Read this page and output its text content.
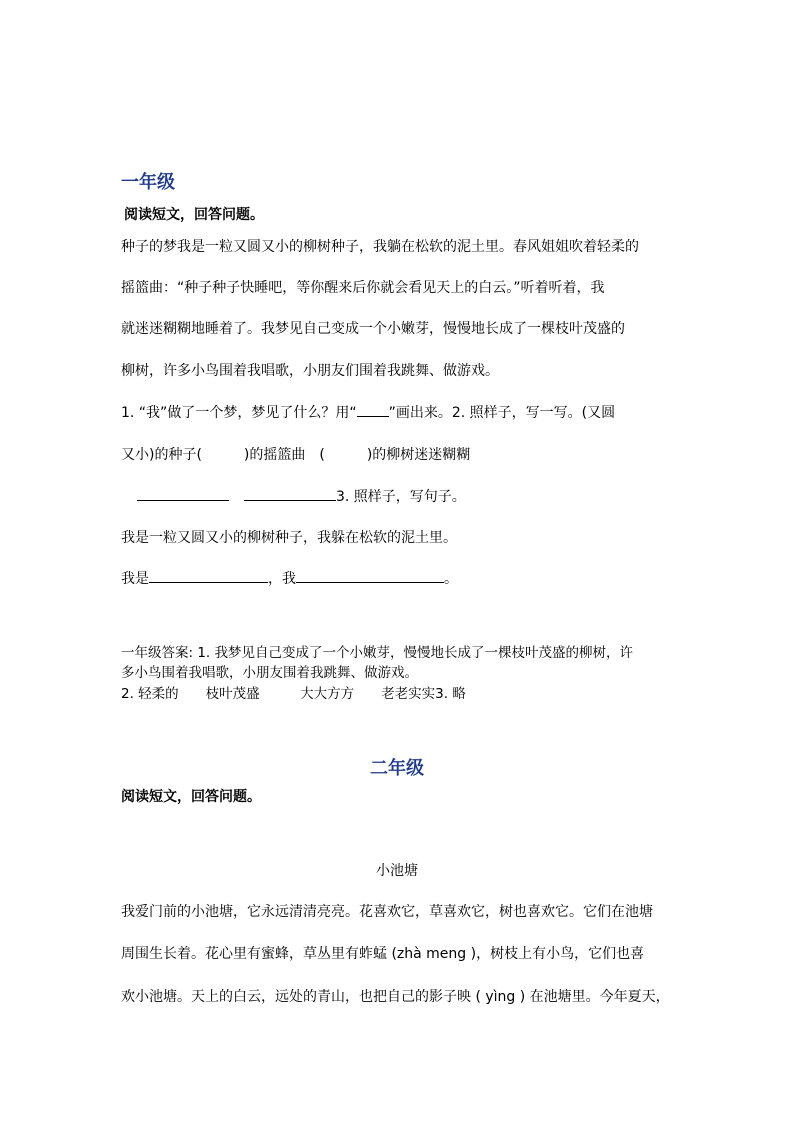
一年级
阅读短文，回答问题。
种子的梦我是一粒又圆又小的柳树种子，我躺在松软的泥土里。春风姐姐吹着轻柔的
摇篮曲：“种子种子快睡吧，等你醒来后你就会看见天上的白云。”听着听着，我
就迷迷糊糊地睡着了。我梦见自己变成一个小嫩芽，慢慢地长成了一棵枝叶茂盛的
柳树，许多小鸟围着我唱歌，小朋友们围着我跳舞、做游戏。
1. “我”做了一个梦，梦见了什么？用“ ”画出来。2. 照样子，写一写。(又圆
又小)的种子(　　　)的摇篮曲　(　　　)的柳树迷迷糊糊
3. 照样子，写句子。
我是一粒又圆又小的柳树种子，我躲在松软的泥土里。
我是	，我	。
一年级答案: 1. 我梦见自己变成了一个小嫩芽，慢慢地长成了一棵枝叶茂盛的柳树，许
多小鸟围着我唱歌，小朋友围着我跳舞、做游戏。
2. 轻柔的　　枝叶茂盛　　　大大方方　　老老实实3. 略
二年级
阅读短文，回答问题。
小池塘
我爱门前的小池塘，它永远清清亮亮。花喜欢它，草喜欢它，树也喜欢它。它们在池塘
周围生长着。花心里有蜜蜂，草丛里有蚱蜢 (zhà meng )，树枝上有小鸟，它们也喜
欢小池塘。天上的白云，远处的青山，也把自己的影子映 ( yìng ) 在池塘里。今年夏天，
